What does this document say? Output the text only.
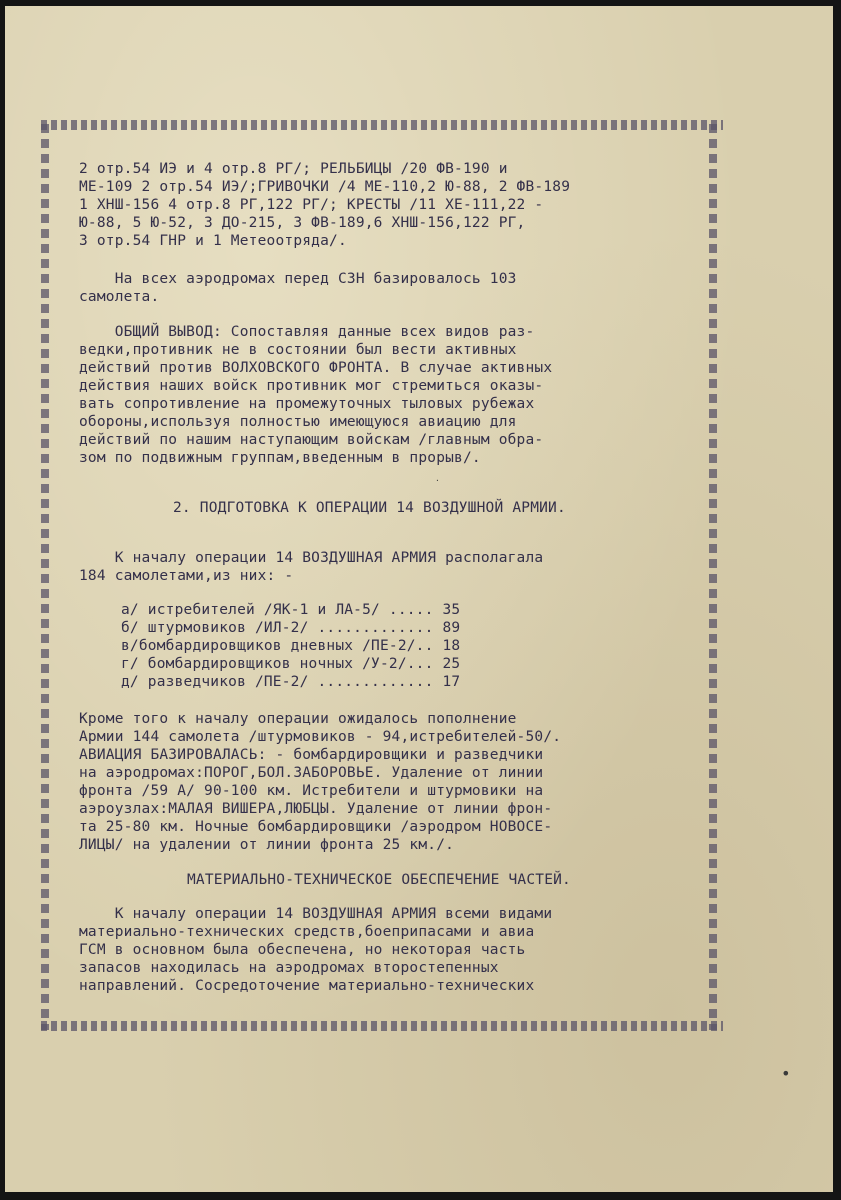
2 отр.54 ИЭ и 4 отр.8 РГ/; РЕЛЬБИЦЫ /20 ФВ-190 и

МЕ-109 2 отр.54 ИЭ/;ГРИВОЧКИ /4 МЕ-110,2 Ю-88, 2 ФВ-189

1 ХНШ-156 4 отр.8 РГ,122 РГ/; КРЕСТЫ /11 ХЕ-111,22 -

Ю-88, 5 Ю-52, 3 ДО-215, 3 ФВ-189,6 ХНШ-156,122 РГ,

3 отр.54 ГНР и 1 Метеоотряда/.

На всех аэродромах перед СЗН базировалось 103

самолета.

ОБЩИЙ ВЫВОД: Сопоставляя данные всех видов раз-

ведки,противник не в состоянии был вести активных

действий против ВОЛХОВСКОГО ФРОНТА. В случае активных

действия наших войск противник мог стремиться оказы-

вать сопротивление на промежуточных тыловых рубежах

обороны,используя полностью имеющуюся авиацию для

действий по нашим наступающим войскам /главным обра-

зом по подвижным группам,введенным в прорыв/.

2. ПОДГОТОВКА К ОПЕРАЦИИ 14 ВОЗДУШНОЙ АРМИИ.

К началу операции 14 ВОЗДУШНАЯ АРМИЯ располагала

184 самолетами,из них: -

а/ истребителей /ЯК-1 и ЛА-5/ ..... 35

б/ штурмовиков /ИЛ-2/ ............. 89

в/бомбардировщиков дневных /ПЕ-2/.. 18

г/ бомбардировщиков ночных /У-2/... 25

д/ разведчиков /ПЕ-2/ ............. 17

Кроме того к началу операции ожидалось пополнение

Армии 144 самолета /штурмовиков - 94,истребителей-50/.

АВИАЦИЯ БАЗИРОВАЛАСЬ: - бомбардировщики и разведчики

на аэродромах:ПОРОГ,БОЛ.ЗАБОРОВЬЕ. Удаление от линии

фронта /59 А/ 90-100 км. Истребители и штурмовики на

аэроузлах:МАЛАЯ ВИШЕРА,ЛЮБЦЫ. Удаление от линии фрон-

та 25-80 км. Ночные бомбардировщики /аэродром НОВОСЕ-

ЛИЦЫ/ на удалении от линии фронта 25 км./.

МАТЕРИАЛЬНО-ТЕХНИЧЕСКОЕ ОБЕСПЕЧЕНИЕ ЧАСТЕЙ.

К началу операции 14 ВОЗДУШНАЯ АРМИЯ всеми видами

материально-технических средств,боеприпасами и авиа

ГСМ в основном была обеспечена, но некоторая часть

запасов находилась на аэродромах второстепенных

направлений. Сосредоточение материально-технических

•
·
